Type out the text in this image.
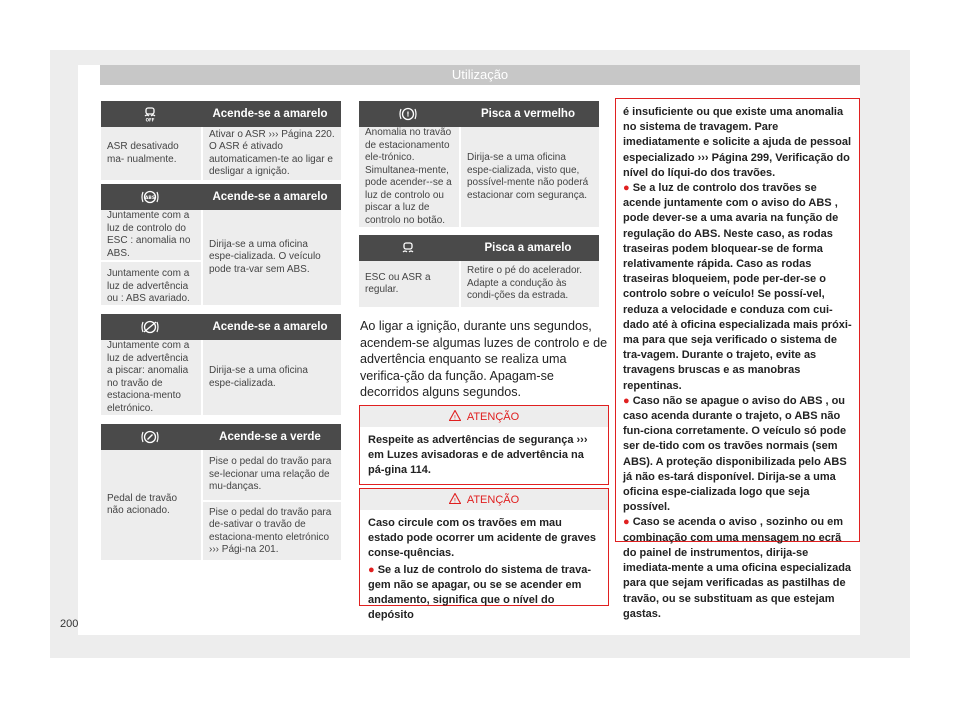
Utilização
OFF
Acende-se a amarelo
ASR desativado ma- nualmente.
Ativar o ASR ››› Página 220. O ASR é ativado automaticamen-te ao ligar e desligar a ignição.
ABS	Acende-se a amarelo
Juntamente com a luz de controlo do ESC : anomalia no ABS.
Juntamente com a luz de advertência ou : ABS avariado.
Dirija-se a uma oficina espe-cializada. O veículo pode tra-var sem ABS.
Acende-se a amarelo
Juntamente com a luz de advertência a piscar: anomalia no travão de estaciona-mento eletrónico.
Dirija-se a uma oficina espe-cializada.
Acende-se a verde
Pedal de travão não acionado.
Pise o pedal do travão para se-lecionar uma relação de mu-danças.
Pise o pedal do travão para de-sativar o travão de estaciona-mento eletrónico ››› Pági-na 201.
!	Pisca a vermelho
Anomalia no travão de estacionamento ele-trónico. Simultanea-mente, pode acender--se a luz de controlo ou piscar a luz de controlo no botão.
Dirija-se a uma oficina espe-cializada, visto que, possível-mente não poderá estacionar com segurança.
Pisca a amarelo
ESC ou ASR a regular.
Retire o pé do acelerador. Adapte a condução às condi-ções da estrada.
Ao ligar a ignição, durante uns segundos, acendem-se algumas luzes de controlo e de advertência enquanto se realiza uma verifica-ção da função. Apagam-se decorridos alguns segundos.
! ATENÇÃO

Respeite as advertências de segurança ››› em Luzes avisadoras e de advertência na pá-gina 114.

! ATENÇÃO

Caso circule com os travões em mau estado pode ocorrer um acidente de graves conse-quências.

● Se a luz de controlo do sistema de trava-gem não se apagar, ou se se acender em andamento, significa que o nível do depósito

é insuficiente ou que existe uma anomalia no sistema de travagem. Pare imediatamente e solicite a ajuda de pessoal especializado ››› Página 299, Verificação do nível do líqui-do dos travões.

● Se a luz de controlo dos travões se acende juntamente com o aviso do ABS , pode dever-se a uma avaria na função de regulação do ABS. Neste caso, as rodas traseiras podem bloquear-se de forma relativamente rápida. Caso as rodas traseiras bloqueiem, pode per-der-se o controlo sobre o veículo! Se possí-vel, reduza a velocidade e conduza com cui-dado até à oficina especializada mais próxi-ma para que seja verificado o sistema de tra-vagem. Durante o trajeto, evite as travagens bruscas e as manobras repentinas.

● Caso não se apague o aviso do ABS , ou caso acenda durante o trajeto, o ABS não fun-ciona corretamente. O veículo só pode ser de-tido com os travões normais (sem ABS). A proteção disponibilizada pelo ABS já não es-tará disponível. Dirija-se a uma oficina espe-cializada logo que seja possível.

● Caso se acenda o aviso , sozinho ou em combinação com uma mensagem no ecrã do painel de instrumentos, dirija-se imediata-mente a uma oficina especializada para que sejam verificadas as pastilhas de travão, ou se substituam as que estejam gastas.

200
